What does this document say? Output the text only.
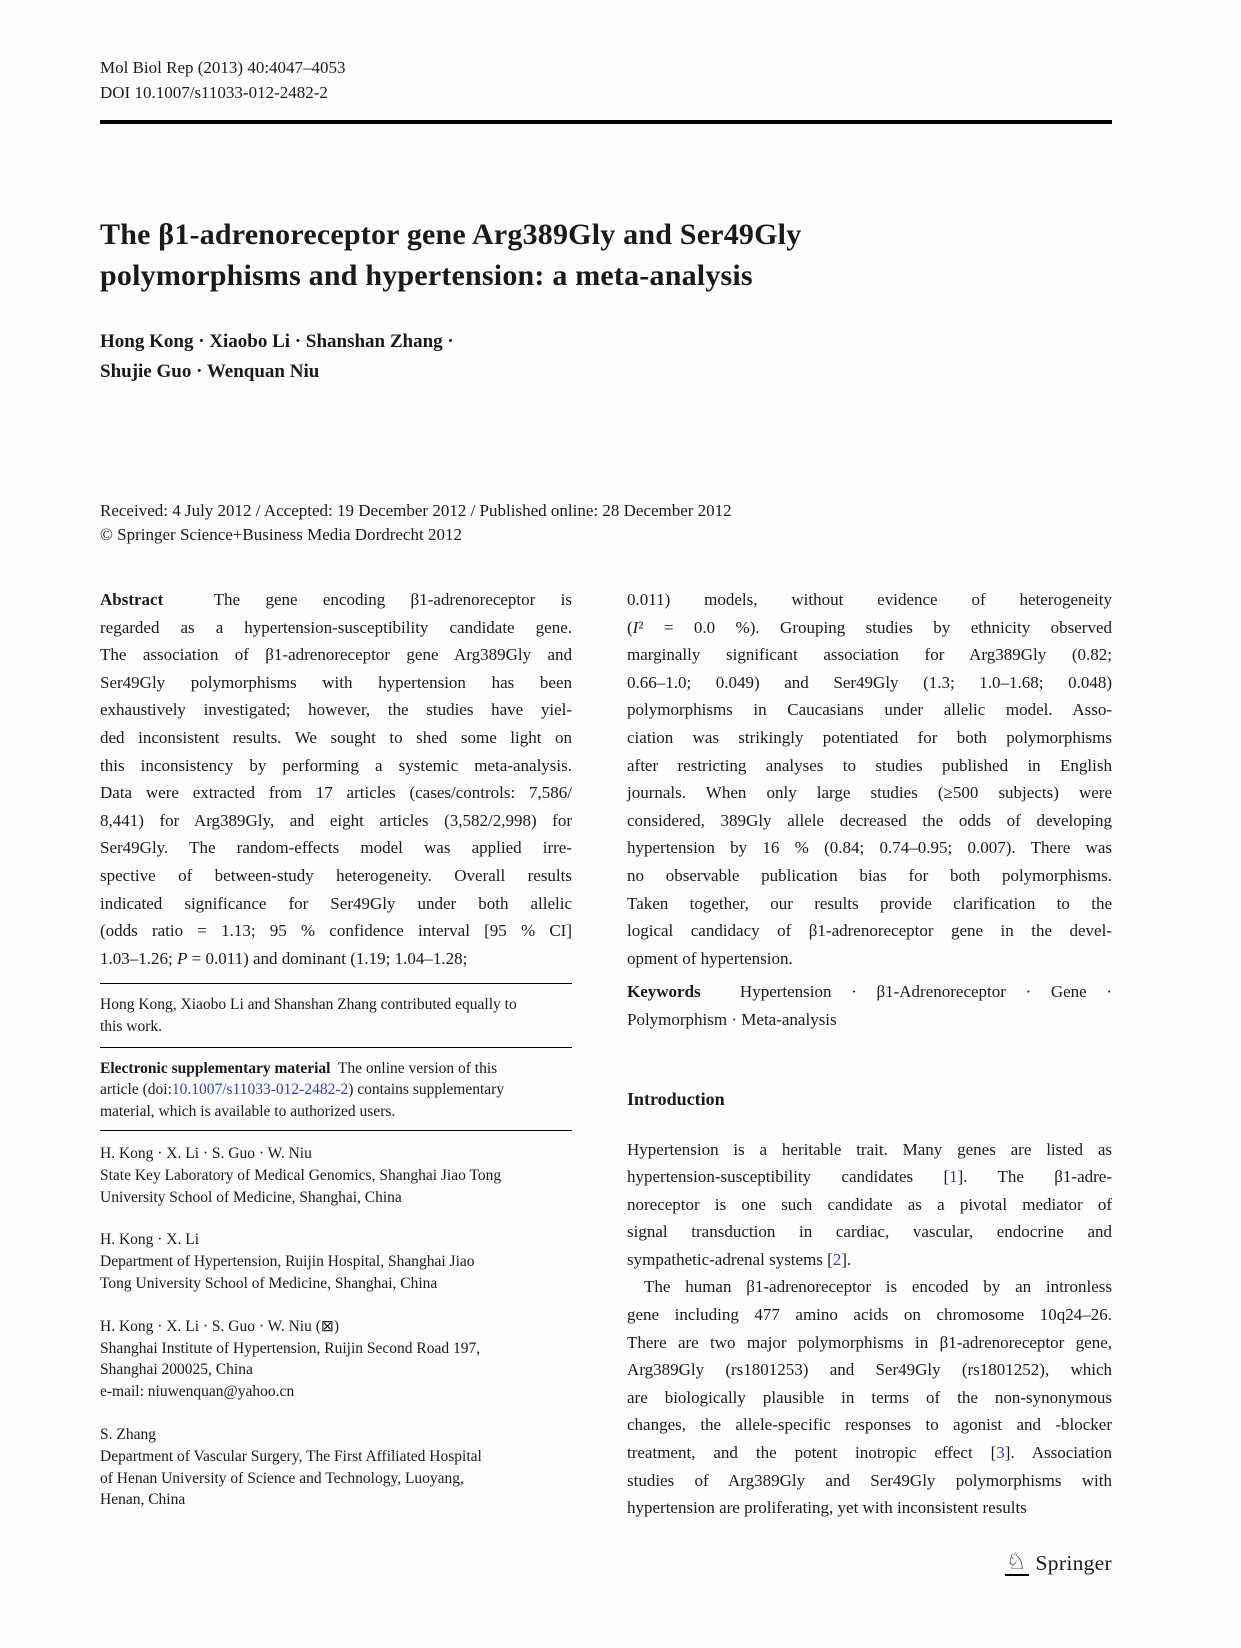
Mol Biol Rep (2013) 40:4047–4053
DOI 10.1007/s11033-012-2482-2
The β1-adrenoreceptor gene Arg389Gly and Ser49Gly
polymorphisms and hypertension: a meta-analysis
Hong Kong · Xiaobo Li · Shanshan Zhang ·
Shujie Guo · Wenquan Niu
Received: 4 July 2012 / Accepted: 19 December 2012 / Published online: 28 December 2012
© Springer Science+Business Media Dordrecht 2012
Abstract  The gene encoding β1-adrenoreceptor is
regarded as a hypertension-susceptibility candidate gene.
The association of β1-adrenoreceptor gene Arg389Gly and
Ser49Gly polymorphisms with hypertension has been
exhaustively investigated; however, the studies have yiel-
ded inconsistent results. We sought to shed some light on
this inconsistency by performing a systemic meta-analysis.
Data were extracted from 17 articles (cases/controls: 7,586/
8,441) for Arg389Gly, and eight articles (3,582/2,998) for
Ser49Gly. The random-effects model was applied irre-
spective of between-study heterogeneity. Overall results
indicated significance for Ser49Gly under both allelic
(odds ratio = 1.13; 95 % confidence interval [95 % CI]
1.03–1.26; P = 0.011) and dominant (1.19; 1.04–1.28;
0.011) models, without evidence of heterogeneity
(I² = 0.0 %). Grouping studies by ethnicity observed
marginally significant association for Arg389Gly (0.82;
0.66–1.0; 0.049) and Ser49Gly (1.3; 1.0–1.68; 0.048)
polymorphisms in Caucasians under allelic model. Asso-
ciation was strikingly potentiated for both polymorphisms
after restricting analyses to studies published in English
journals. When only large studies (≥500 subjects) were
considered, 389Gly allele decreased the odds of developing
hypertension by 16 % (0.84; 0.74–0.95; 0.007). There was
no observable publication bias for both polymorphisms.
Taken together, our results provide clarification to the
logical candidacy of β1-adrenoreceptor gene in the devel-
opment of hypertension.
Keywords  Hypertension · β1-Adrenoreceptor · Gene ·
Polymorphism · Meta-analysis
Introduction
Hypertension is a heritable trait. Many genes are listed as
hypertension-susceptibility candidates [1]. The β1-adre-
noreceptor is one such candidate as a pivotal mediator of
signal transduction in cardiac, vascular, endocrine and
sympathetic-adrenal systems [2].
The human β1-adrenoreceptor is encoded by an intronless
gene including 477 amino acids on chromosome 10q24–26.
There are two major polymorphisms in β1-adrenoreceptor gene,
Arg389Gly (rs1801253) and Ser49Gly (rs1801252), which
are biologically plausible in terms of the non-synonymous
changes, the allele-specific responses to agonist and -blocker
treatment, and the potent inotropic effect [3]. Association
studies of Arg389Gly and Ser49Gly polymorphisms with
hypertension are proliferating, yet with inconsistent results
Hong Kong, Xiaobo Li and Shanshan Zhang contributed equally to
this work.
Electronic supplementary material  The online version of this
article (doi:10.1007/s11033-012-2482-2) contains supplementary
material, which is available to authorized users.
H. Kong · X. Li · S. Guo · W. Niu
State Key Laboratory of Medical Genomics, Shanghai Jiao Tong
University School of Medicine, Shanghai, China
H. Kong · X. Li
Department of Hypertension, Ruijin Hospital, Shanghai Jiao
Tong University School of Medicine, Shanghai, China
H. Kong · X. Li · S. Guo · W. Niu (⊠)
Shanghai Institute of Hypertension, Ruijin Second Road 197,
Shanghai 200025, China
e-mail: niuwenquan@yahoo.cn
S. Zhang
Department of Vascular Surgery, The First Affiliated Hospital
of Henan University of Science and Technology, Luoyang,
Henan, China
♘ Springer
